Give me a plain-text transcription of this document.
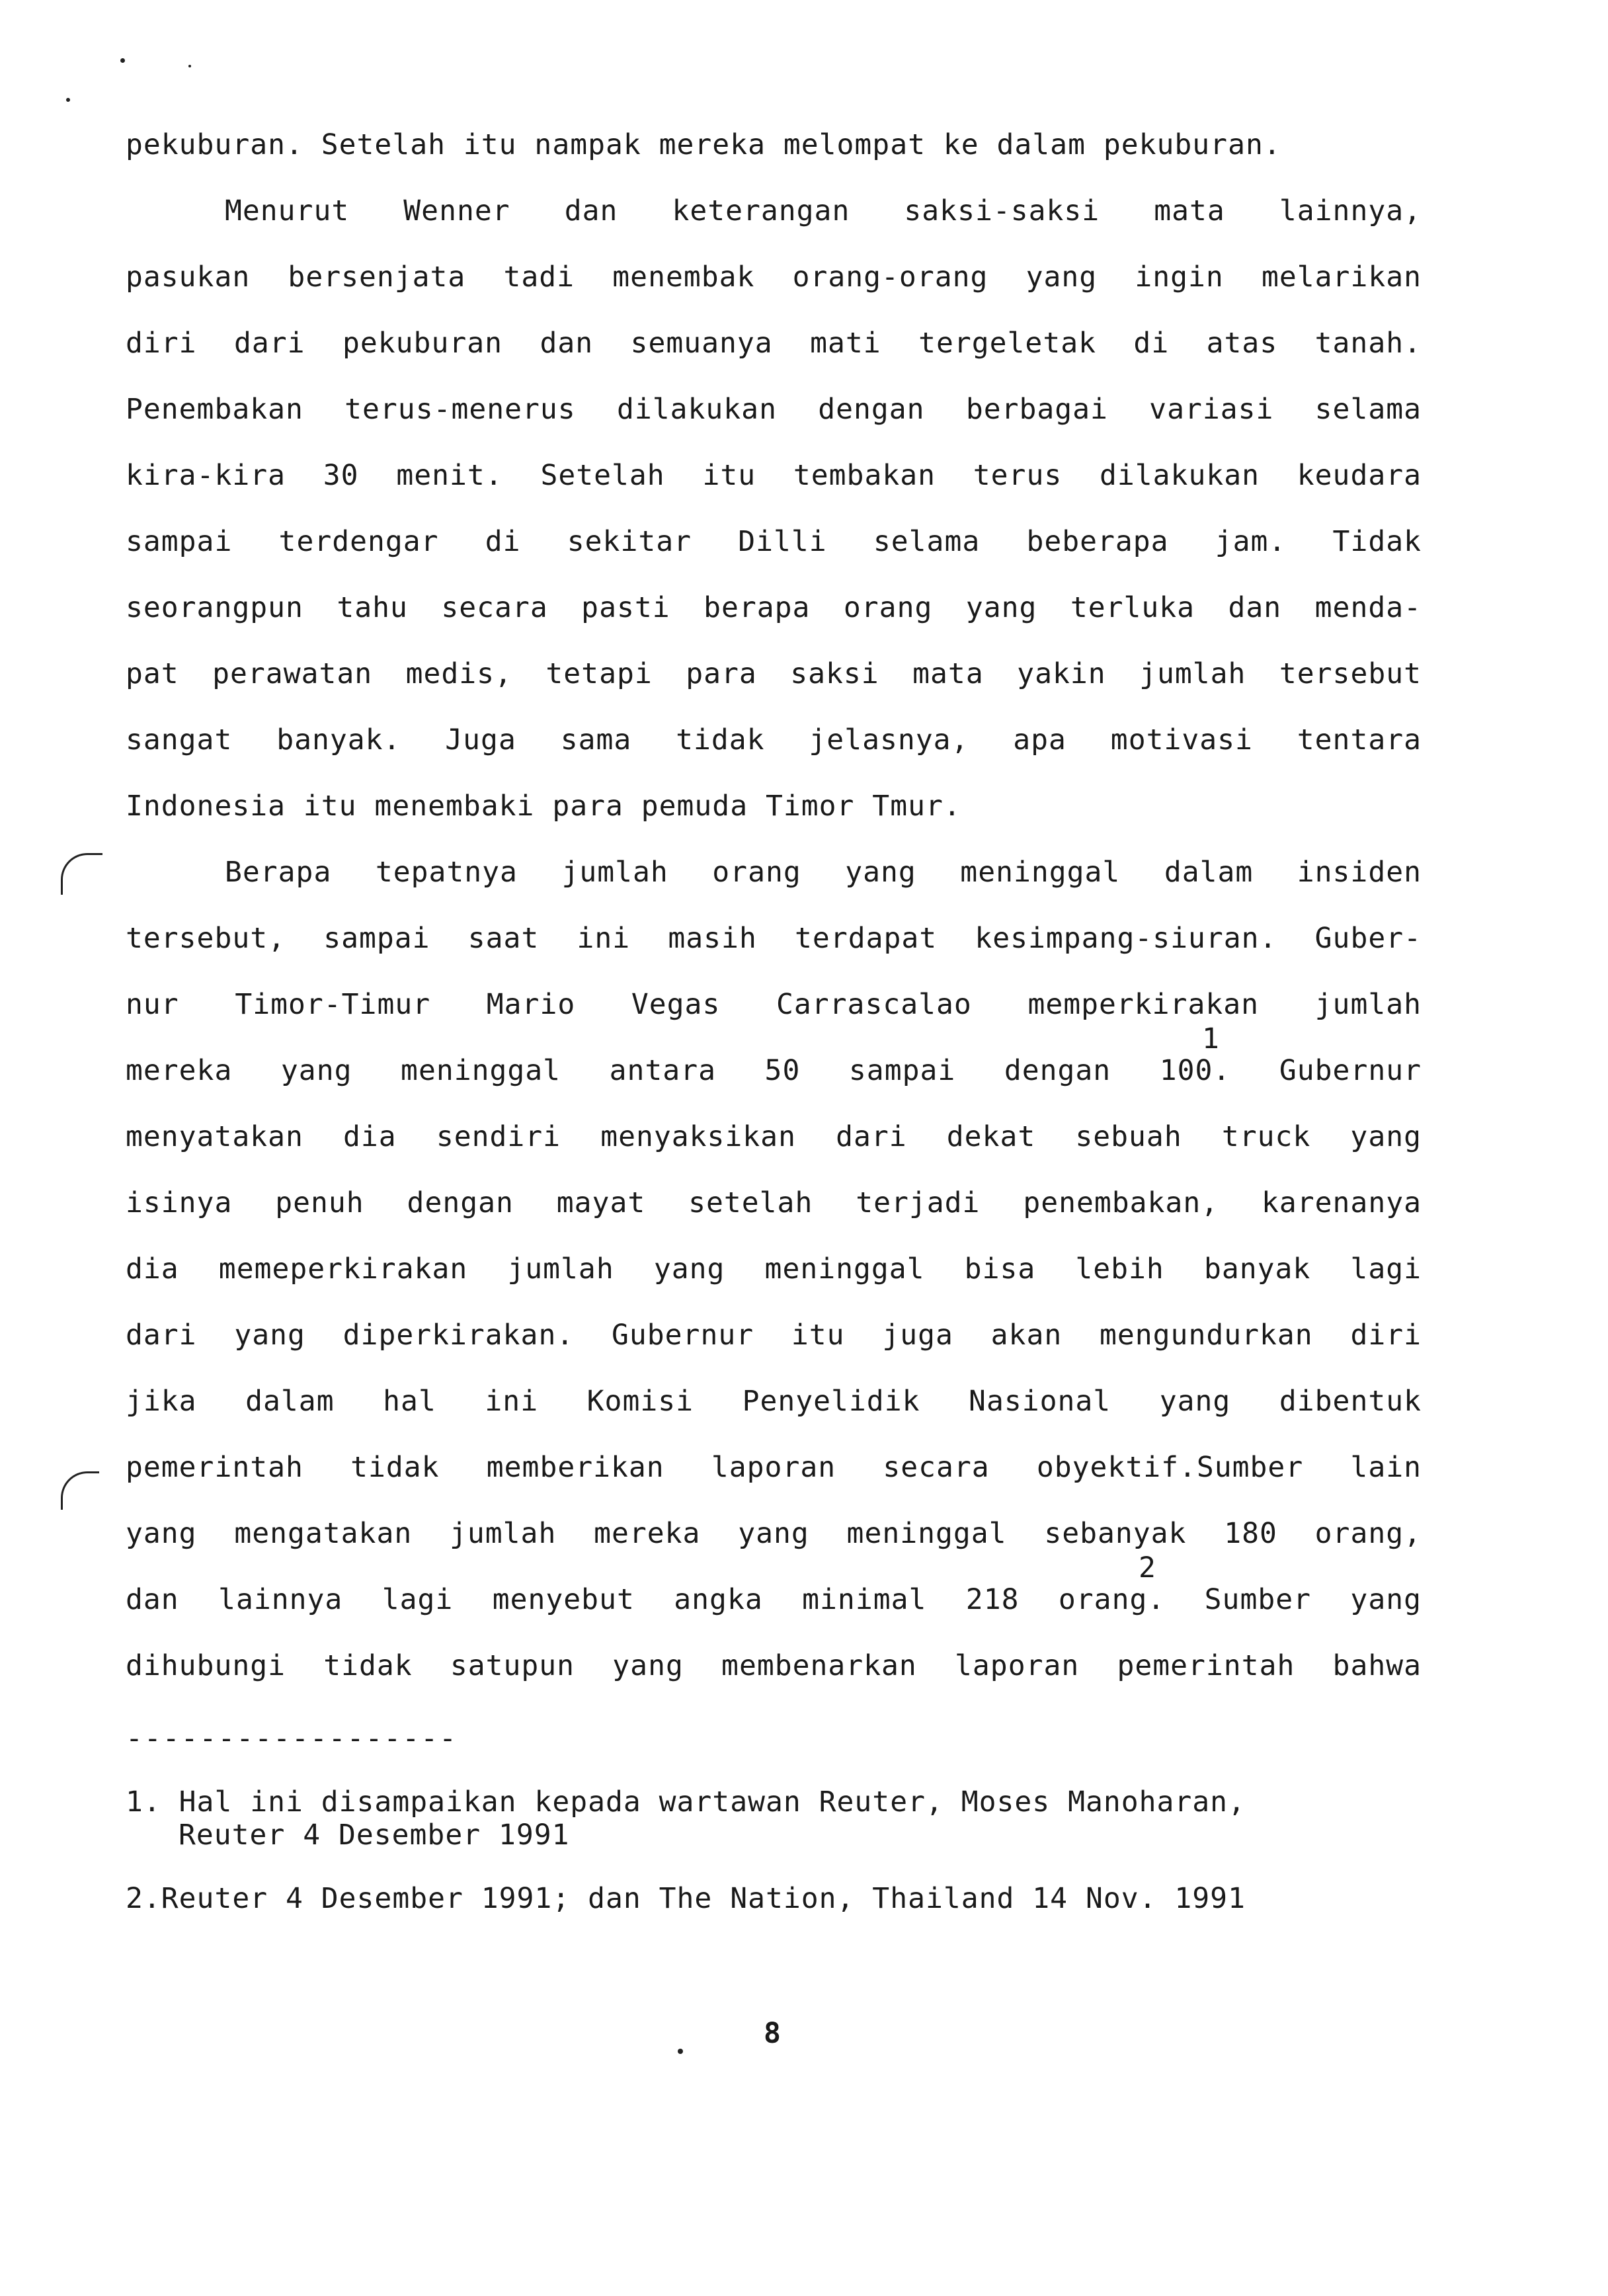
pekuburan. Setelah itu nampak mereka melompat ke dalam pekuburan.
Menurut Wenner dan keterangan saksi-saksi mata lainnya,
pasukan bersenjata tadi menembak orang-orang yang ingin melarikan
diri dari pekuburan dan semuanya mati tergeletak di atas tanah.
Penembakan terus-menerus dilakukan dengan berbagai variasi selama
kira-kira 30 menit. Setelah itu tembakan terus dilakukan keudara
sampai terdengar di sekitar Dilli selama beberapa jam. Tidak
seorangpun tahu secara pasti berapa orang yang terluka dan menda-
pat perawatan medis, tetapi para saksi mata yakin jumlah tersebut
sangat banyak. Juga sama tidak jelasnya, apa motivasi tentara
Indonesia itu menembaki para pemuda Timor Tmur.
Berapa tepatnya jumlah orang yang meninggal dalam insiden
tersebut, sampai saat ini masih terdapat kesimpang-siuran. Guber-
nur Timor-Timur Mario Vegas Carrascalao memperkirakan jumlah
1
mereka yang meninggal antara 50 sampai dengan 100. Gubernur
menyatakan dia sendiri menyaksikan dari dekat sebuah truck yang
isinya penuh dengan mayat setelah terjadi penembakan, karenanya
dia memeperkirakan jumlah yang meninggal bisa lebih banyak lagi
dari yang diperkirakan. Gubernur itu juga akan mengundurkan diri
jika dalam hal ini Komisi Penyelidik Nasional yang dibentuk
pemerintah tidak memberikan laporan secara obyektif.Sumber lain
yang mengatakan jumlah mereka yang meninggal sebanyak 180 orang,
2
dan lainnya lagi menyebut angka minimal 218 orang. Sumber yang
dihubungi tidak satupun yang membenarkan laporan pemerintah bahwa
------------------
1. Hal ini disampaikan kepada wartawan Reuter, Moses Manoharan,
Reuter 4 Desember 1991
2.Reuter 4 Desember 1991; dan The Nation, Thailand 14 Nov. 1991
8
